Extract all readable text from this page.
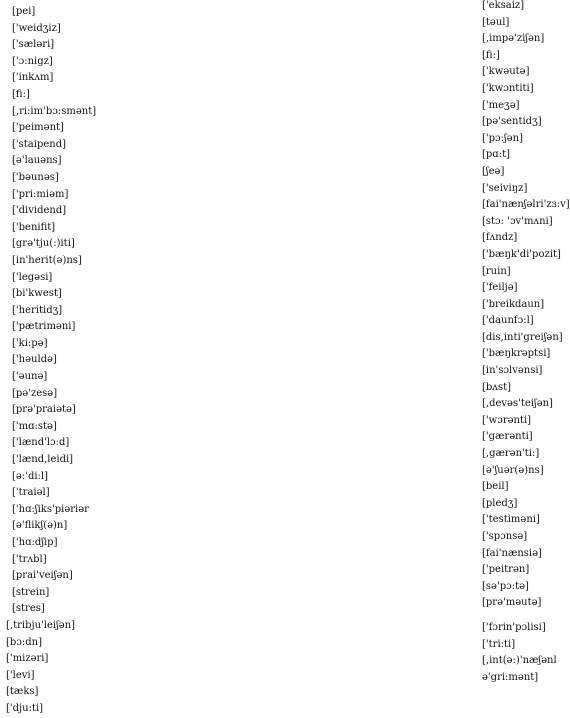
[pei]
['weidʒiz]
['sæləri]
['ɔ:nigz]
['inkʌm]
[fi:]
[,ri:im'bɔ:smənt]
['peimənt]
['staipend]
[ə'lauəns]
['bəunəs]
['pri:miəm]
['dividend]
['benifit]
[grə'tju(:)iti]
[in'herit(ə)ns]
['legəsi]
[bi'kwest]
['heritidʒ]
['pætriməni]
['ki:pə]
['həuldə]
['əunə]
[pə'zesə]
[prə'praiətə]
['mɑ:stə]
['lænd'lɔ:d]
['lænd,leidi]
[ə:'di:l]
['traiəl]
['hɑ:ʃiks'piəriər
[ə'flikʃ(ə)n]
['hɑ:dʃip]
['trʌbl]
[prai'veiʃən]
[strein]
[stres]
[,tribju'leiʃən]
[bɔ:dn]
['mizəri]
['levi]
[tæks]
['dju:ti]
['eksaiz]
[təul]
[,impə'ziʃən]
[fi:]
['kwəutə]
['kwɔntiti]
['meʒə]
[pə'sentidʒ]
['pɔ:ʃən]
[pɑ:t]
[ʃeə]
['seiviŋz]
[fai'nænʃəlri'zɜ:v]
[stɔ: 'ɔv'mʌni]
[fʌndz]
['bæŋk'di'pozit]
[ruin]
['feiljə]
['breikdaun]
['daunfɔ:l]
[dis,inti'greiʃən]
['bæŋkrəptsi]
[in'sɔlvənsi]
[bʌst]
[,devəs'teiʃən]
['wɔrənti]
['gærənti]
[,gærən'ti:]
[ə'ʃuər(ə)ns]
[beil]
[pledʒ]
['testiməni]
['spɔnsə]
[fai'nænsiə]
['peitrən]
[sə'pɔ:tə]
[prə'məutə]
['fɔrin'pɔlisi]
['tri:ti]
[,int(ə:)'næʃənl
ə'gri:mənt]
